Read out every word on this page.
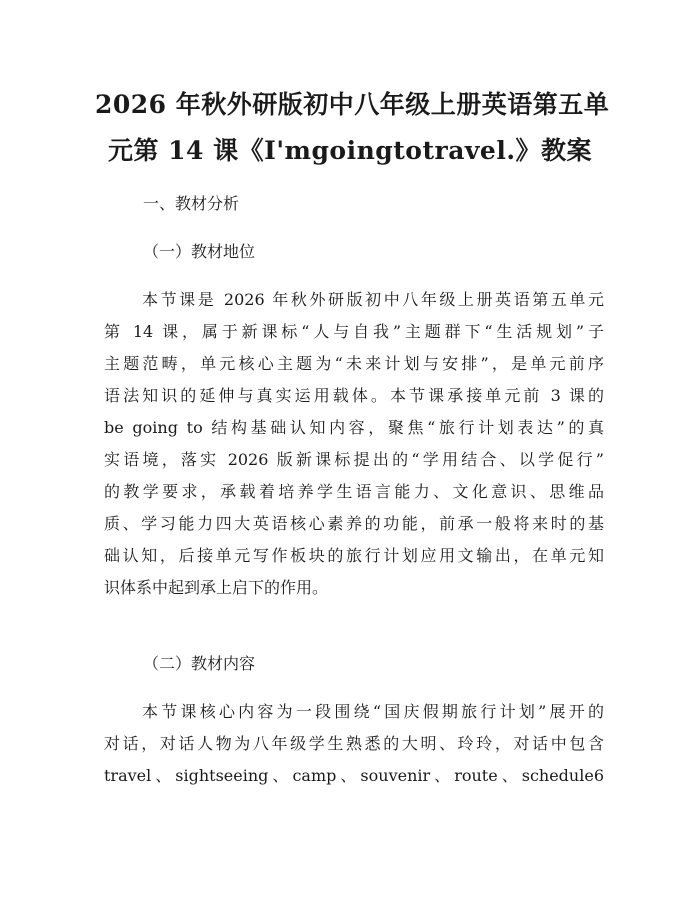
2026 年秋外研版初中八年级上册英语第五单
元第 14 课《I'mgoingtotravel.》教案
一、教材分析
（一）教材地位
本节课是 2026 年秋外研版初中八年级上册英语第五单元
第 14 课，属于新课标“人与自我”主题群下“生活规划”子
主题范畴，单元核心主题为“未来计划与安排”，是单元前序
语法知识的延伸与真实运用载体。本节课承接单元前 3 课的
be going to 结构基础认知内容，聚焦“旅行计划表达”的真
实语境，落实 2026 版新课标提出的“学用结合、以学促行”
的教学要求，承载着培养学生语言能力、文化意识、思维品
质、学习能力四大英语核心素养的功能，前承一般将来时的基
础认知，后接单元写作板块的旅行计划应用文输出，在单元知
识体系中起到承上启下的作用。
（二）教材内容
本节课核心内容为一段围绕“国庆假期旅行计划”展开的
对话，对话人物为八年级学生熟悉的大明、玲玲，对话中包含
travel、sightseeing、camp、souvenir、route、schedule6
